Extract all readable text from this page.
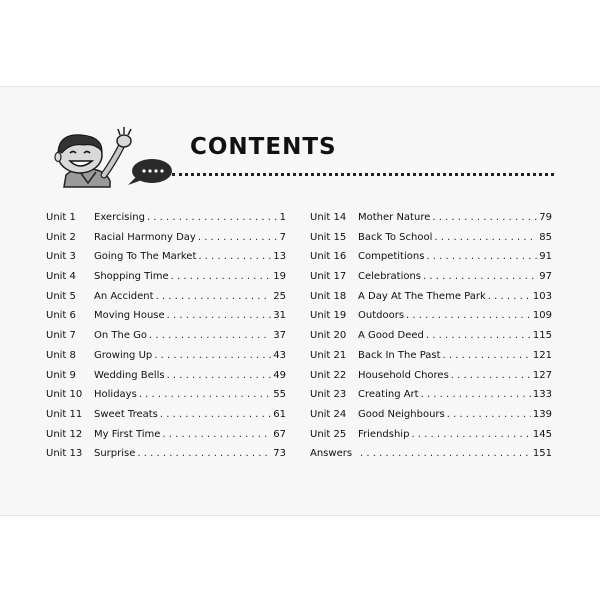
CONTENTS
Unit 1	Exercising . . .	1
Unit 2	Racial Harmony Day . . .	7
Unit 3	Going To The Market . . .	13
Unit 4	Shopping Time . . .	19
Unit 5	An Accident . . .	25
Unit 6	Moving House . . .	31
Unit 7	On The Go . . .	37
Unit 8	Growing Up . . .	43
Unit 9	Wedding Bells . . .	49
Unit 10	Holidays . . .	55
Unit 11	Sweet Treats . . .	61
Unit 12	My First Time . . .	67
Unit 13	Surprise . . .	73
Unit 14	Mother Nature . . .	79
Unit 15	Back To School . . .	85
Unit 16	Competitions . . .	91
Unit 17	Celebrations . . .	97
Unit 18	A Day At The Theme Park . . .	103
Unit 19	Outdoors . . .	109
Unit 20	A Good Deed . . .	115
Unit 21	Back In The Past . . .	121
Unit 22	Household Chores . . .	127
Unit 23	Creating Art . . .	133
Unit 24	Good Neighbours . . .	139
Unit 25	Friendship . . .	145
Answers . . .	151
